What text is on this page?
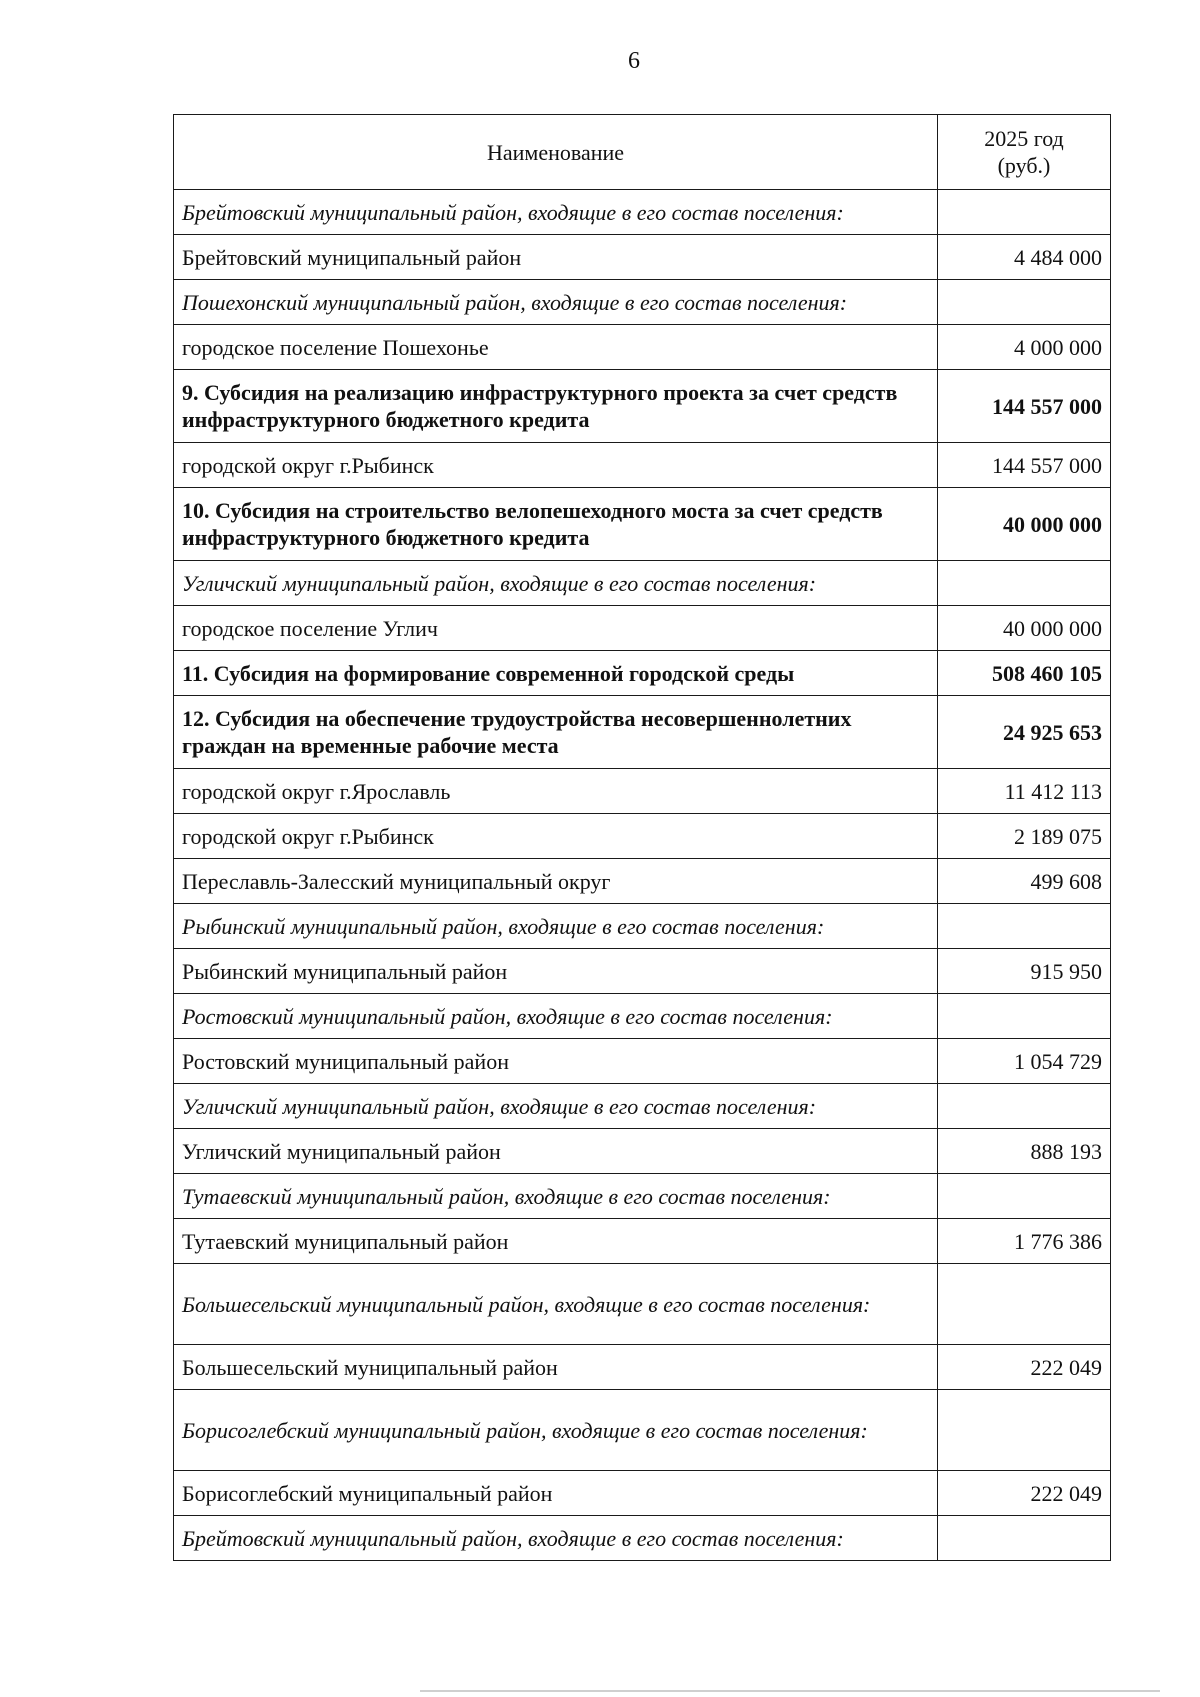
6
Наименование	2025 год
(руб.)
Брейтовский муниципальный район, входящие в его состав поселения:	
Брейтовский муниципальный район	4 484 000
Пошехонский муниципальный район, входящие в его состав поселения:	
городское поселение Пошехонье	4 000 000
9. Субсидия на реализацию инфраструктурного проекта за счет средств инфраструктурного бюджетного кредита	144 557 000
городской округ г.Рыбинск	144 557 000
10. Субсидия на строительство велопешеходного моста за счет средств инфраструктурного бюджетного кредита	40 000 000
Угличский муниципальный район, входящие в его состав поселения:	
городское поселение Углич	40 000 000
11. Субсидия на формирование современной городской среды	508 460 105
12. Субсидия на обеспечение трудоустройства несовершеннолетних граждан на временные рабочие места	24 925 653
городской округ г.Ярославль	11 412 113
городской округ г.Рыбинск	2 189 075
Переславль-Залесский муниципальный округ	499 608
Рыбинский муниципальный район, входящие в его состав поселения:	
Рыбинский муниципальный район	915 950
Ростовский муниципальный район, входящие в его состав поселения:	
Ростовский муниципальный район	1 054 729
Угличский муниципальный район, входящие в его состав поселения:	
Угличский муниципальный район	888 193
Тутаевский муниципальный район, входящие в его состав поселения:	
Тутаевский муниципальный район	1 776 386
Большесельский муниципальный район, входящие в его состав поселения:	
Большесельский муниципальный район	222 049
Борисоглебский муниципальный район, входящие в его состав поселения:	
Борисоглебский муниципальный район	222 049
Брейтовский муниципальный район, входящие в его состав поселения:	
